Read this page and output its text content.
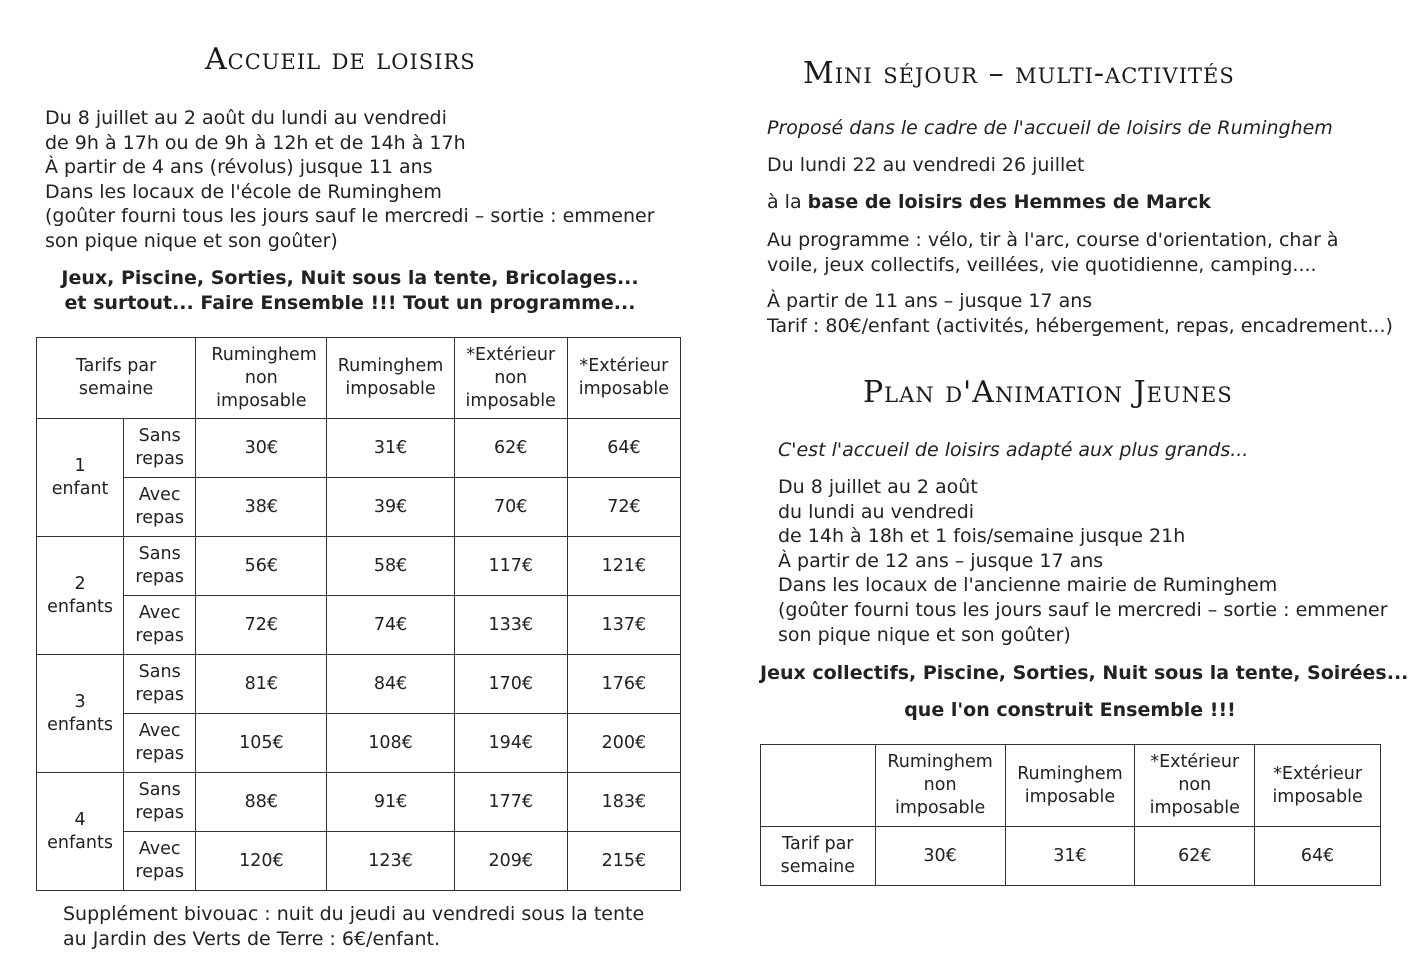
Accueil de loisirs
Du 8 juillet au 2 août du lundi au vendredi
de 9h à 17h ou de 9h à 12h et de 14h à 17h
À partir de 4 ans (révolus) jusque 11 ans
Dans les locaux de l'école de Ruminghem
(goûter fourni tous les jours sauf le mercredi – sortie : emmener
son pique nique et son goûter)
Jeux, Piscine, Sorties, Nuit sous la tente, Bricolages...
et surtout... Faire Ensemble !!! Tout un programme...
Tarifs par semaine		Ruminghem non imposable	Ruminghem imposable	*Extérieur non imposable	*Extérieur imposable

1 enfant	Sans repas	30€	31€	62€	64€

	Avec repas	38€	39€	70€	72€

2 enfants	Sans repas	56€	58€	117€	121€

	Avec repas	72€	74€	133€	137€

3 enfants	Sans repas	81€	84€	170€	176€

	Avec repas	105€	108€	194€	200€

4 enfants	Sans repas	88€	91€	177€	183€

	Avec repas	120€	123€	209€	215€
Supplément bivouac : nuit du jeudi au vendredi sous la tente
au Jardin des Verts de Terre : 6€/enfant.
Mini séjour – multi-activités
Proposé dans le cadre de l'accueil de loisirs de Ruminghem
Du lundi 22 au vendredi 26 juillet
à la base de loisirs des Hemmes de Marck
Au programme : vélo, tir à l'arc, course d'orientation, char à
voile, jeux collectifs, veillées, vie quotidienne, camping....
À partir de 11 ans – jusque 17 ans
Tarif : 80€/enfant (activités, hébergement, repas, encadrement...)
Plan d'Animation Jeunes
C'est l'accueil de loisirs adapté aux plus grands...
Du 8 juillet au 2 août
du lundi au vendredi
de 14h à 18h et 1 fois/semaine jusque 21h
À partir de 12 ans – jusque 17 ans
Dans les locaux de l'ancienne mairie de Ruminghem
(goûter fourni tous les jours sauf le mercredi – sortie : emmener
son pique nique et son goûter)
Jeux collectifs, Piscine, Sorties, Nuit sous la tente, Soirées...
que l'on construit Ensemble !!!

	Ruminghem non imposable	Ruminghem imposable	*Extérieur non imposable	*Extérieur imposable

Tarif par semaine	30€	31€	62€	64€
